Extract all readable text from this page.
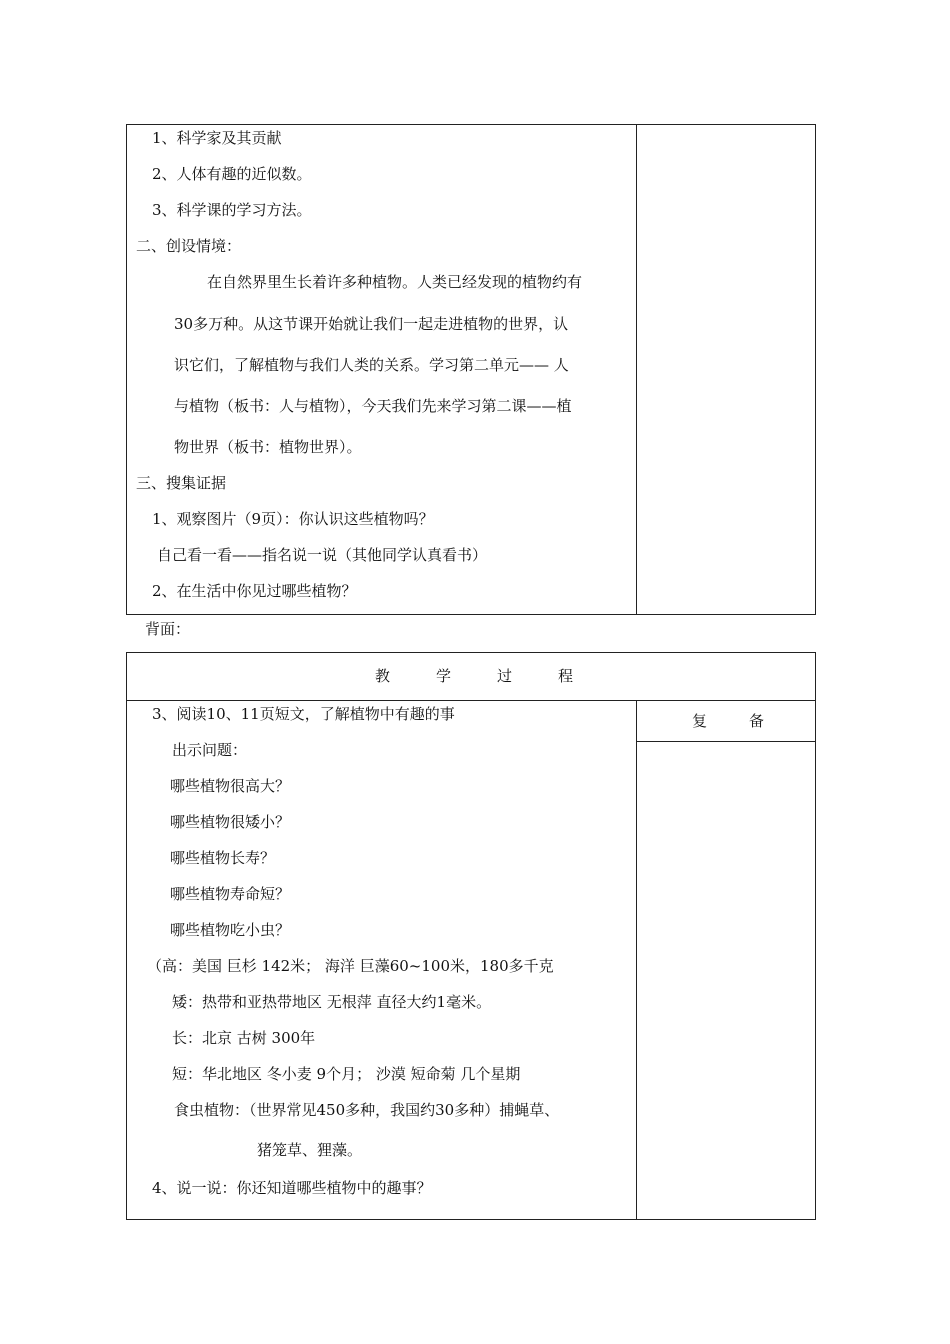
1、科学家及其贡献
2、人体有趣的近似数。
3、科学课的学习方法。
二、创设情境：
在自然界里生长着许多种植物。人类已经发现的植物约有
30多万种。从这节课开始就让我们一起走进植物的世界，认
识它们，了解植物与我们人类的关系。学习第二单元—— 人
与植物（板书：人与植物），今天我们先来学习第二课——植
物世界（板书：植物世界）。
三、搜集证据
1、观察图片（9页）：你认识这些植物吗？
自己看一看——指名说一说（其他同学认真看书）
2、在生活中你见过哪些植物？
背面：
教学过程
复备
3、阅读10、11页短文，了解植物中有趣的事
出示问题：
哪些植物很高大？
哪些植物很矮小？
哪些植物长寿？
哪些植物寿命短？
哪些植物吃小虫？
（高：美国 巨杉 142米； 海洋 巨藻60~100米，180多千克
矮：热带和亚热带地区 无根萍 直径大约1毫米。
长：北京 古树 300年
短：华北地区 冬小麦 9个月； 沙漠 短命菊 几个星期
食虫植物：（世界常见450多种，我国约30多种）捕蝇草、
猪笼草、狸藻。
4、说一说：你还知道哪些植物中的趣事？
